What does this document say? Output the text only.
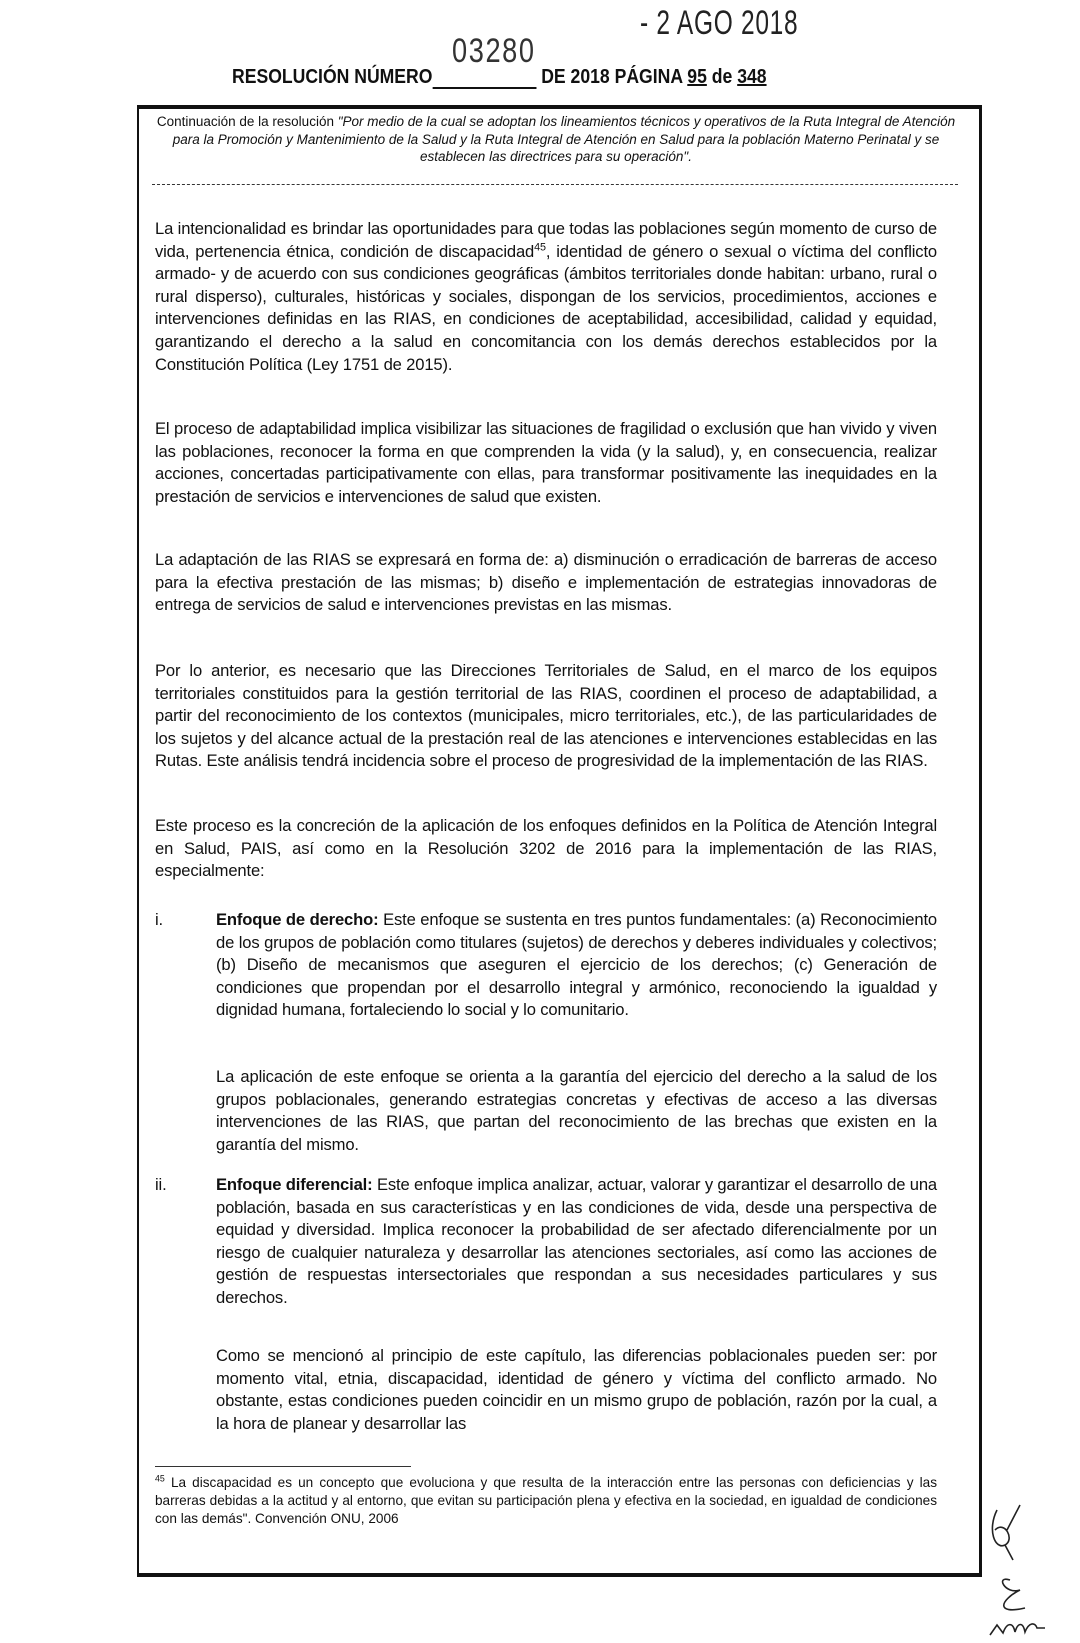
03280
- 2 AGO 2018
RESOLUCIÓN NÚMERO	DE 2018 PÁGINA 95 de 348
Continuación de la resolución "Por medio de la cual se adoptan los lineamientos técnicos y operativos de la Ruta Integral de Atención para la Promoción y Mantenimiento de la Salud y la Ruta Integral de Atención en Salud para la población Materno Perinatal y se establecen las directrices para su operación".
La intencionalidad es brindar las oportunidades para que todas las poblaciones según momento de curso de vida, pertenencia étnica, condición de discapacidad$^{45}$, identidad de género o sexual o víctima del conflicto armado- y de acuerdo con sus condiciones geográficas (ámbitos territoriales donde habitan: urbano, rural o rural disperso), culturales, históricas y sociales, dispongan de los servicios, procedimientos, acciones e intervenciones definidas en las RIAS, en condiciones de aceptabilidad, accesibilidad, calidad y equidad, garantizando el derecho a la salud en concomitancia con los demás derechos establecidos por la Constitución Política (Ley 1751 de 2015).
El proceso de adaptabilidad implica visibilizar las situaciones de fragilidad o exclusión que han vivido y viven las poblaciones, reconocer la forma en que comprenden la vida (y la salud), y, en consecuencia, realizar acciones, concertadas participativamente con ellas, para transformar positivamente las inequidades en la prestación de servicios e intervenciones de salud que existen.
La adaptación de las RIAS se expresará en forma de: a) disminución o erradicación de barreras de acceso para la efectiva prestación de las mismas; b) diseño e implementación de estrategias innovadoras de entrega de servicios de salud e intervenciones previstas en las mismas.
Por lo anterior, es necesario que las Direcciones Territoriales de Salud, en el marco de los equipos territoriales constituidos para la gestión territorial de las RIAS, coordinen el proceso de adaptabilidad, a partir del reconocimiento de los contextos (municipales, micro territoriales, etc.), de las particularidades de los sujetos y del alcance actual de la prestación real de las atenciones e intervenciones establecidas en las Rutas. Este análisis tendrá incidencia sobre el proceso de progresividad de la implementación de las RIAS.
Este proceso es la concreción de la aplicación de los enfoques definidos en la Política de Atención Integral en Salud, PAIS, así como en la Resolución 3202 de 2016 para la implementación de las RIAS, especialmente:
i.	Enfoque de derecho: Este enfoque se sustenta en tres puntos fundamentales: (a) Reconocimiento de los grupos de población como titulares (sujetos) de derechos y deberes individuales y colectivos; (b) Diseño de mecanismos que aseguren el ejercicio de los derechos; (c) Generación de condiciones que propendan por el desarrollo integral y armónico, reconociendo la igualdad y dignidad humana, fortaleciendo lo social y lo comunitario.
La aplicación de este enfoque se orienta a la garantía del ejercicio del derecho a la salud de los grupos poblacionales, generando estrategias concretas y efectivas de acceso a las diversas intervenciones de las RIAS, que partan del reconocimiento de las brechas que existen en la garantía del mismo.
ii.	Enfoque diferencial: Este enfoque implica analizar, actuar, valorar y garantizar el desarrollo de una población, basada en sus características y en las condiciones de vida, desde una perspectiva de equidad y diversidad. Implica reconocer la probabilidad de ser afectado diferencialmente por un riesgo de cualquier naturaleza y desarrollar las atenciones sectoriales, así como las acciones de gestión de respuestas intersectoriales que respondan a sus necesidades particulares y sus derechos.
Como se mencionó al principio de este capítulo, las diferencias poblacionales pueden ser: por momento vital, etnia, discapacidad, identidad de género y víctima del conflicto armado. No obstante, estas condiciones pueden coincidir en un mismo grupo de población, razón por la cual, a la hora de planear y desarrollar las
$^{45}$ La discapacidad es un concepto que evoluciona y que resulta de la interacción entre las personas con deficiencias y las barreras debidas a la actitud y al entorno, que evitan su participación plena y efectiva en la sociedad, en igualdad de condiciones con las demás". Convención ONU, 2006
